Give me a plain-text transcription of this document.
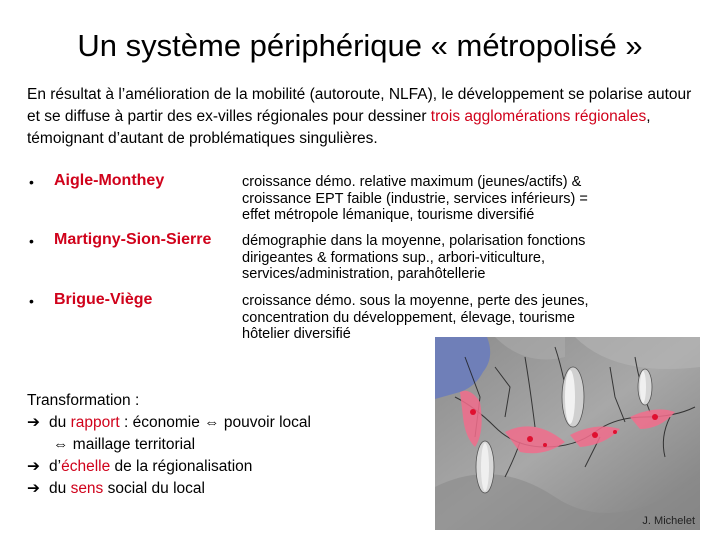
Un système périphérique « métropolisé »
En résultat à l’amélioration de la mobilité (autoroute, NLFA), le développement se polarise autour et se diffuse à partir des ex-villes régionales pour dessiner trois agglomérations régionales, témoignant d’autant de problématiques singulières.
• Aigle-Monthey	croissance démo. relative maximum (jeunes/actifs) &
croissance EPT faible (industrie, services inférieurs) =
effet métropole lémanique, tourisme diversifié
• Martigny-Sion-Sierre démographie dans la moyenne, polarisation fonctions
dirigeantes & formations sup., arbori-viticulture,
services/administration, parahôtellerie
• Brigue-Viège	croissance démo. sous la moyenne, perte des jeunes,
concentration du développement, élevage, tourisme
hôtelier diversifié
J. Michelet
Transformation :
➔ du rapport : économie ⇔ pouvoir local
⇔ maillage territorial
➔ d’échelle de la régionalisation
➔ du sens social du local
